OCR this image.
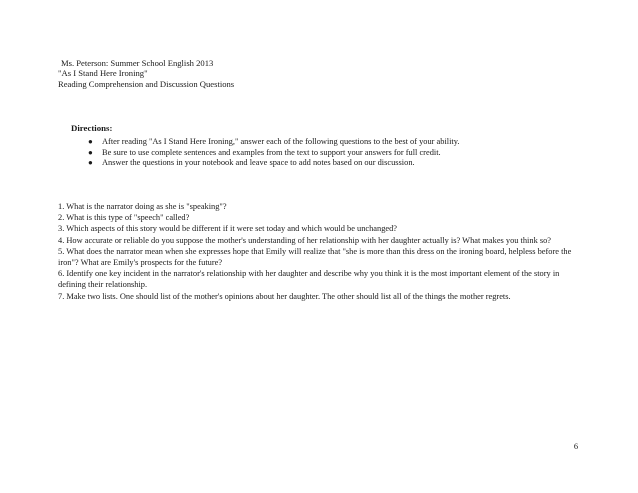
Ms. Peterson: Summer School English 2013
"As I Stand Here Ironing"
Reading Comprehension and Discussion Questions
Directions:
● After reading "As I Stand Here Ironing," answer each of the following questions to the best of your ability.
● Be sure to use complete sentences and examples from the text to support your answers for full credit.
● Answer the questions in your notebook and leave space to add notes based on our discussion.

1. What is the narrator doing as she is "speaking"?

2. What is this type of "speech" called?

3. Which aspects of this story would be different if it were set today and which would be unchanged?

4. How accurate or reliable do you suppose the mother's understanding of her relationship with her daughter actually is? What makes you think so?

5. What does the narrator mean when she expresses hope that Emily will realize that "she is more than this dress on the ironing board, helpless before the iron"? What are Emily's prospects for the future?

6. Identify one key incident in the narrator's relationship with her daughter and describe why you think it is the most important element of the story in defining their relationship.

7. Make two lists. One should list of the mother's opinions about her daughter. The other should list all of the things the mother regrets.

6
